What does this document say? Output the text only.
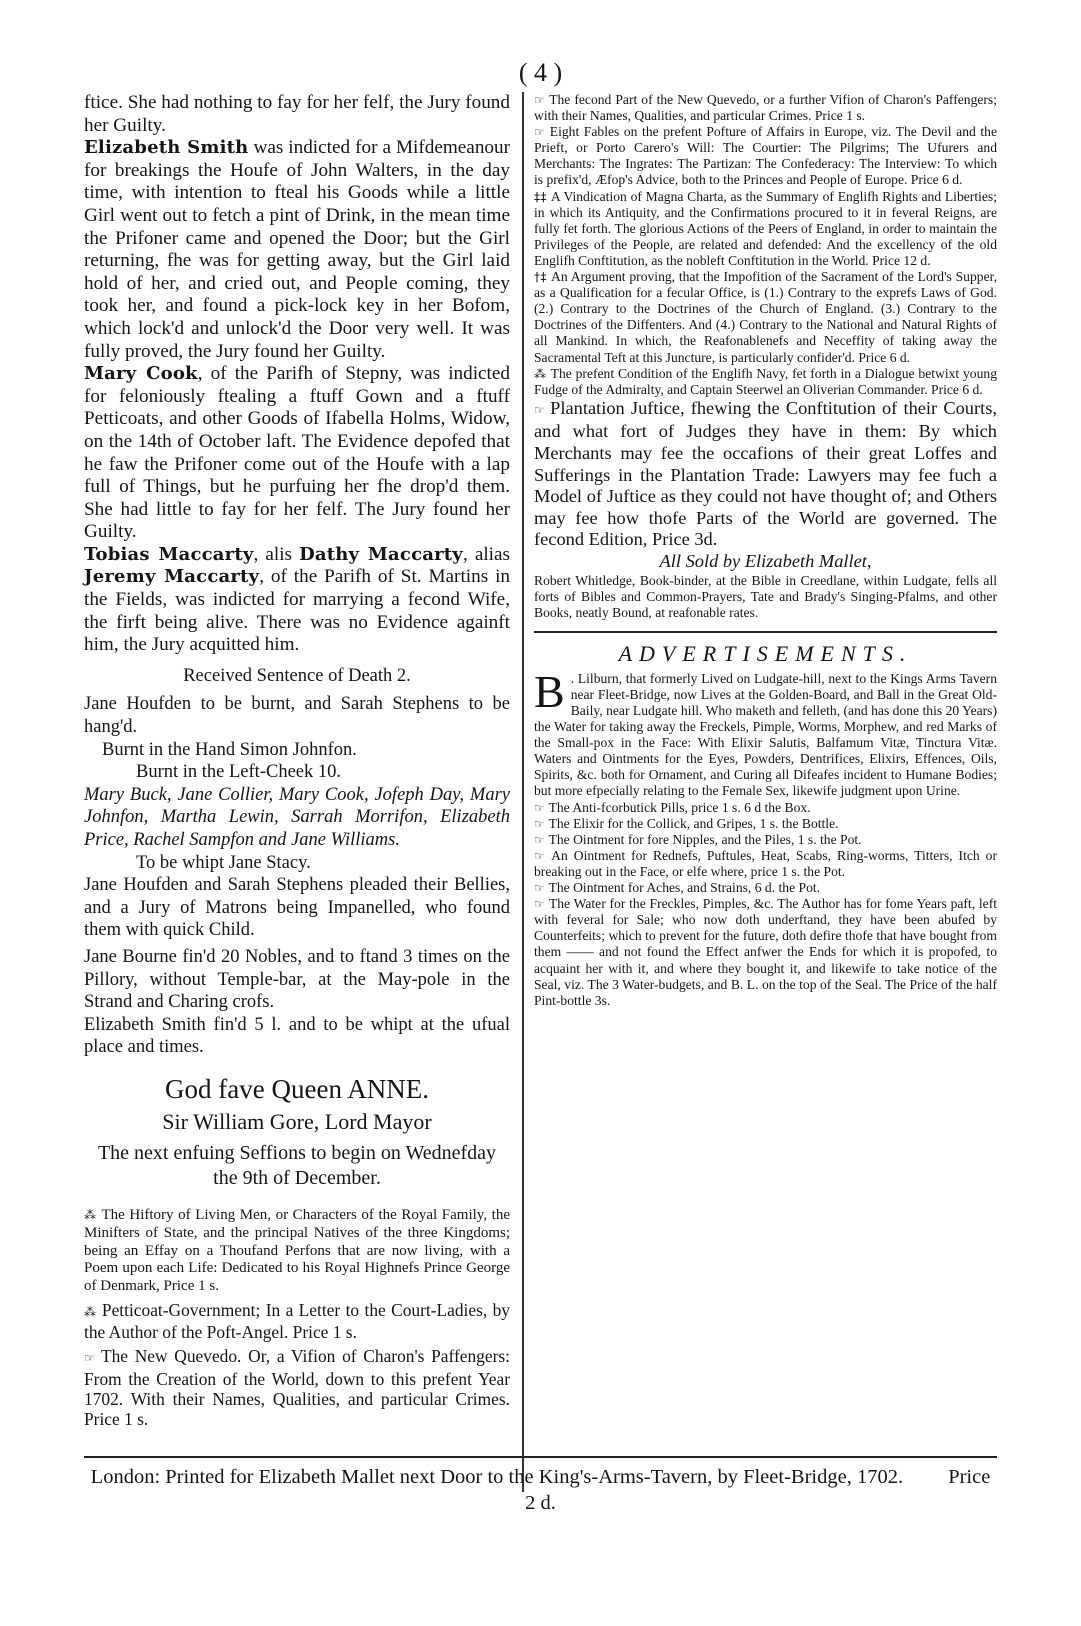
( 4 )

ftice. She had nothing to fay for her felf, the Jury found her Guilty.

Elizabeth Smith was indicted for a Mifdemeanour for breakings the Houfe of John Walters, in the day time, with intention to fteal his Goods while a little Girl went out to fetch a pint of Drink, in the mean time the Prifoner came and opened the Door; but the Girl returning, fhe was for getting away, but the Girl laid hold of her, and cried out, and People coming, they took her, and found a pick-lock key in her Bofom, which lock'd and unlock'd the Door very well. It was fully proved, the Jury found her Guilty.

Mary Cook, of the Parifh of Stepny, was indicted for feloniously ftealing a ftuff Gown and a ftuff Petticoats, and other Goods of Ifabella Holms, Widow, on the 14th of October laft. The Evidence depofed that he faw the Prifoner come out of the Houfe with a lap full of Things, but he purfuing her fhe drop'd them. She had little to fay for her felf. The Jury found her Guilty.

Tobias Maccarty, alis Dathy Maccarty, alias Jeremy Maccarty, of the Parifh of St. Martins in the Fields, was indicted for marrying a fecond Wife, the firft being alive. There was no Evidence againft him, the Jury acquitted him.

Received Sentence of Death 2.

Jane Houfden to be burnt, and Sarah Stephens to be hang'd.

Burnt in the Hand Simon Johnfon.

Burnt in the Left-Cheek 10.

Mary Buck, Jane Collier, Mary Cook, Jofeph Day, Mary Johnfon, Martha Lewin, Sarrah Morrifon, Elizabeth Price, Rachel Sampfon and Jane Williams.

To be whipt Jane Stacy.

Jane Houfden and Sarah Stephens pleaded their Bellies, and a Jury of Matrons being Impanelled, who found them with quick Child.

Jane Bourne fin'd 20 Nobles, and to ftand 3 times on the Pillory, without Temple-bar, at the May-pole in the Strand and Charing crofs.

Elizabeth Smith fin'd 5 l. and to be whipt at the ufual place and times.

God fave Queen ANNE.

Sir William Gore, Lord Mayor

The next enfuing Seffions to begin on Wednefday the 9th of December.

⁂ The Hiftory of Living Men, or Characters of the Royal Family, the Minifters of State, and the principal Natives of the three Kingdoms; being an Effay on a Thoufand Perfons that are now living, with a Poem upon each Life: Dedicated to his Royal Highnefs Prince George of Denmark, Price 1 s.

⁂ Petticoat-Government; In a Letter to the Court-Ladies, by the Author of the Poft-Angel. Price 1 s.

☞ The New Quevedo. Or, a Vifion of Charon's Paffengers: From the Creation of the World, down to this prefent Year 1702. With their Names, Qualities, and particular Crimes. Price 1 s.

☞ The fecond Part of the New Quevedo, or a further Vifion of Charon's Paffengers; with their Names, Qualities, and particular Crimes. Price 1 s.

☞ Eight Fables on the prefent Pofture of Affairs in Europe, viz. The Devil and the Prieft, or Porto Carero's Will: The Courtier: The Pilgrims; The Ufurers and Merchants: The Ingrates: The Partizan: The Confederacy: The Interview: To which is prefix'd, Æfop's Advice, both to the Princes and People of Europe. Price 6 d.

‡‡ A Vindication of Magna Charta, as the Summary of Englifh Rights and Liberties; in which its Antiquity, and the Confirmations procured to it in feveral Reigns, are fully fet forth. The glorious Actions of the Peers of England, in order to maintain the Privileges of the People, are related and defended: And the excellency of the old Englifh Conftitution, as the nobleft Conftitution in the World. Price 12 d.

†‡ An Argument proving, that the Impofition of the Sacrament of the Lord's Supper, as a Qualification for a fecular Office, is (1.) Contrary to the exprefs Laws of God. (2.) Contrary to the Doctrines of the Church of England. (3.) Contrary to the Doctrines of the Diffenters. And (4.) Contrary to the National and Natural Rights of all Mankind. In which, the Reafonablenefs and Neceffity of taking away the Sacramental Teft at this Juncture, is particularly confider'd. Price 6 d.

⁂ The prefent Condition of the Englifh Navy, fet forth in a Dialogue betwixt young Fudge of the Admiralty, and Captain Steerwel an Oliverian Commander. Price 6 d.

☞ Plantation Juftice, fhewing the Conftitution of their Courts, and what fort of Judges they have in them: By which Merchants may fee the occafions of their great Loffes and Sufferings in the Plantation Trade: Lawyers may fee fuch a Model of Juftice as they could not have thought of; and Others may fee how thofe Parts of the World are governed. The fecond Edition, Price 3d.

All Sold by Elizabeth Mallet,

Robert Whitledge, Book-binder, at the Bible in Creedlane, within Ludgate, fells all forts of Bibles and Common-Prayers, Tate and Brady's Singing-Pfalms, and other Books, neatly Bound, at reafonable rates.

ADVERTISEMENTS.

B . Lilburn, that formerly Lived on Ludgate-hill, next to the Kings Arms Tavern near Fleet-Bridge, now Lives at the Golden-Board, and Ball in the Great Old-Baily, near Ludgate hill. Who maketh and felleth, (and has done this 20 Years) the Water for taking away the Freckels, Pimple, Worms, Morphew, and red Marks of the Small-pox in the Face: With Elixir Salutis, Balfamum Vitæ, Tinctura Vitæ. Waters and Ointments for the Eyes, Powders, Dentrifices, Elixirs, Effences, Oils, Spirits, &c. both for Ornament, and Curing all Difeafes incident to Humane Bodies; but more efpecially relating to the Female Sex, likewife judgment upon Urine.

☞ The Anti-fcorbutick Pills, price 1 s. 6 d the Box.

☞ The Elixir for the Collick, and Gripes, 1 s. the Bottle.

☞ The Ointment for fore Nipples, and the Piles, 1 s. the Pot.

☞ An Ointment for Rednefs, Puftules, Heat, Scabs, Ring-worms, Titters, Itch or breaking out in the Face, or elfe where, price 1 s. the Pot.

☞ The Ointment for Aches, and Strains, 6 d. the Pot.

☞ The Water for the Freckles, Pimples, &c. The Author has for fome Years paft, left with feveral for Sale; who now doth underftand, they have been abufed by Counterfeits; which to prevent for the future, doth defire thofe that have bought from them —— and not found the Effect anfwer the Ends for which it is propofed, to acquaint her with it, and where they bought it, and likewife to take notice of the Seal, viz. The 3 Water-budgets, and B. L. on the top of the Seal. The Price of the half Pint-bottle 3s.

London: Printed for Elizabeth Mallet next Door to the King's-Arms-Tavern, by Fleet-Bridge, 1702. Price 2 d.
